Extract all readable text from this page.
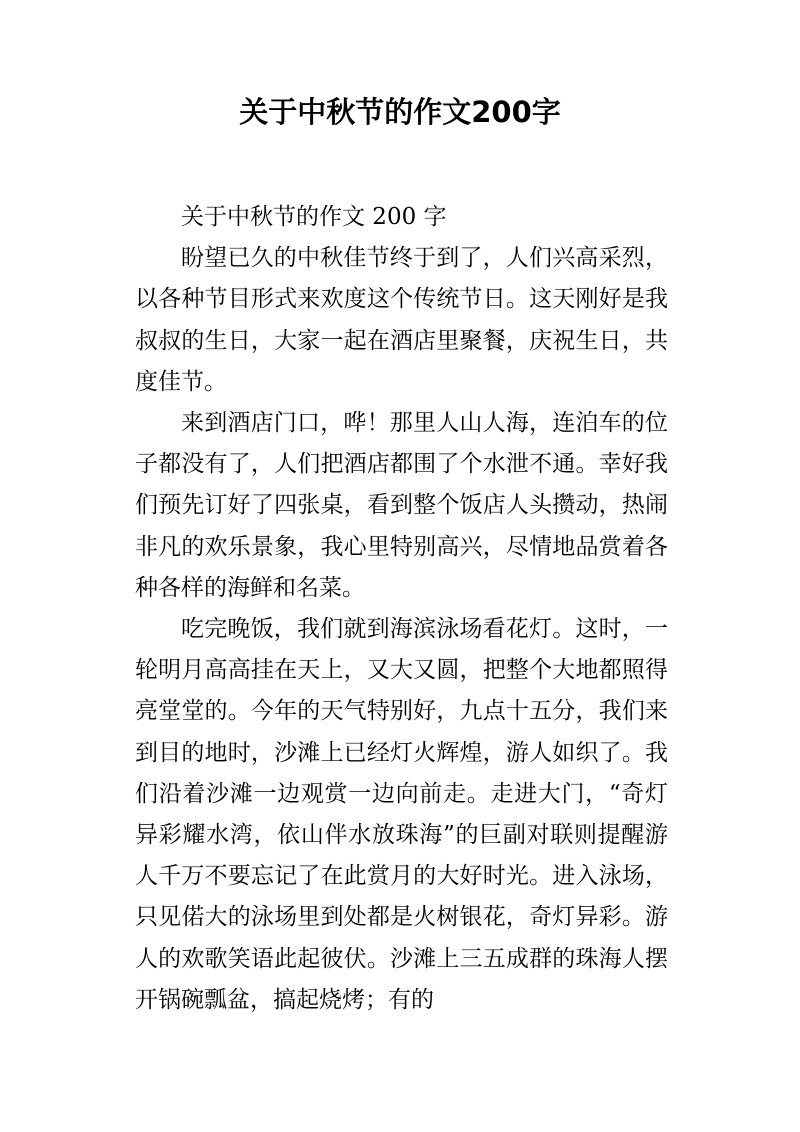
关于中秋节的作文200字

关于中秋节的作文 200 字

盼望已久的中秋佳节终于到了，人们兴高采烈，以各种节目形式来欢度这个传统节日。这天刚好是我叔叔的生日，大家一起在酒店里聚餐，庆祝生日，共度佳节。

来到酒店门口，哗！那里人山人海，连泊车的位子都没有了，人们把酒店都围了个水泄不通。幸好我们预先订好了四张桌，看到整个饭店人头攒动，热闹非凡的欢乐景象，我心里特别高兴，尽情地品赏着各种各样的海鲜和名菜。

吃完晚饭，我们就到海滨泳场看花灯。这时，一轮明月高高挂在天上，又大又圆，把整个大地都照得亮堂堂的。今年的天气特别好，九点十五分，我们来到目的地时，沙滩上已经灯火辉煌，游人如织了。我们沿着沙滩一边观赏一边向前走。走进大门，“奇灯异彩耀水湾，依山伴水放珠海”的巨副对联则提醒游人千万不要忘记了在此赏月的大好时光。进入泳场，只见偌大的泳场里到处都是火树银花，奇灯异彩。游人的欢歌笑语此起彼伏。沙滩上三五成群的珠海人摆开锅碗瓢盆，搞起烧烤；有的
